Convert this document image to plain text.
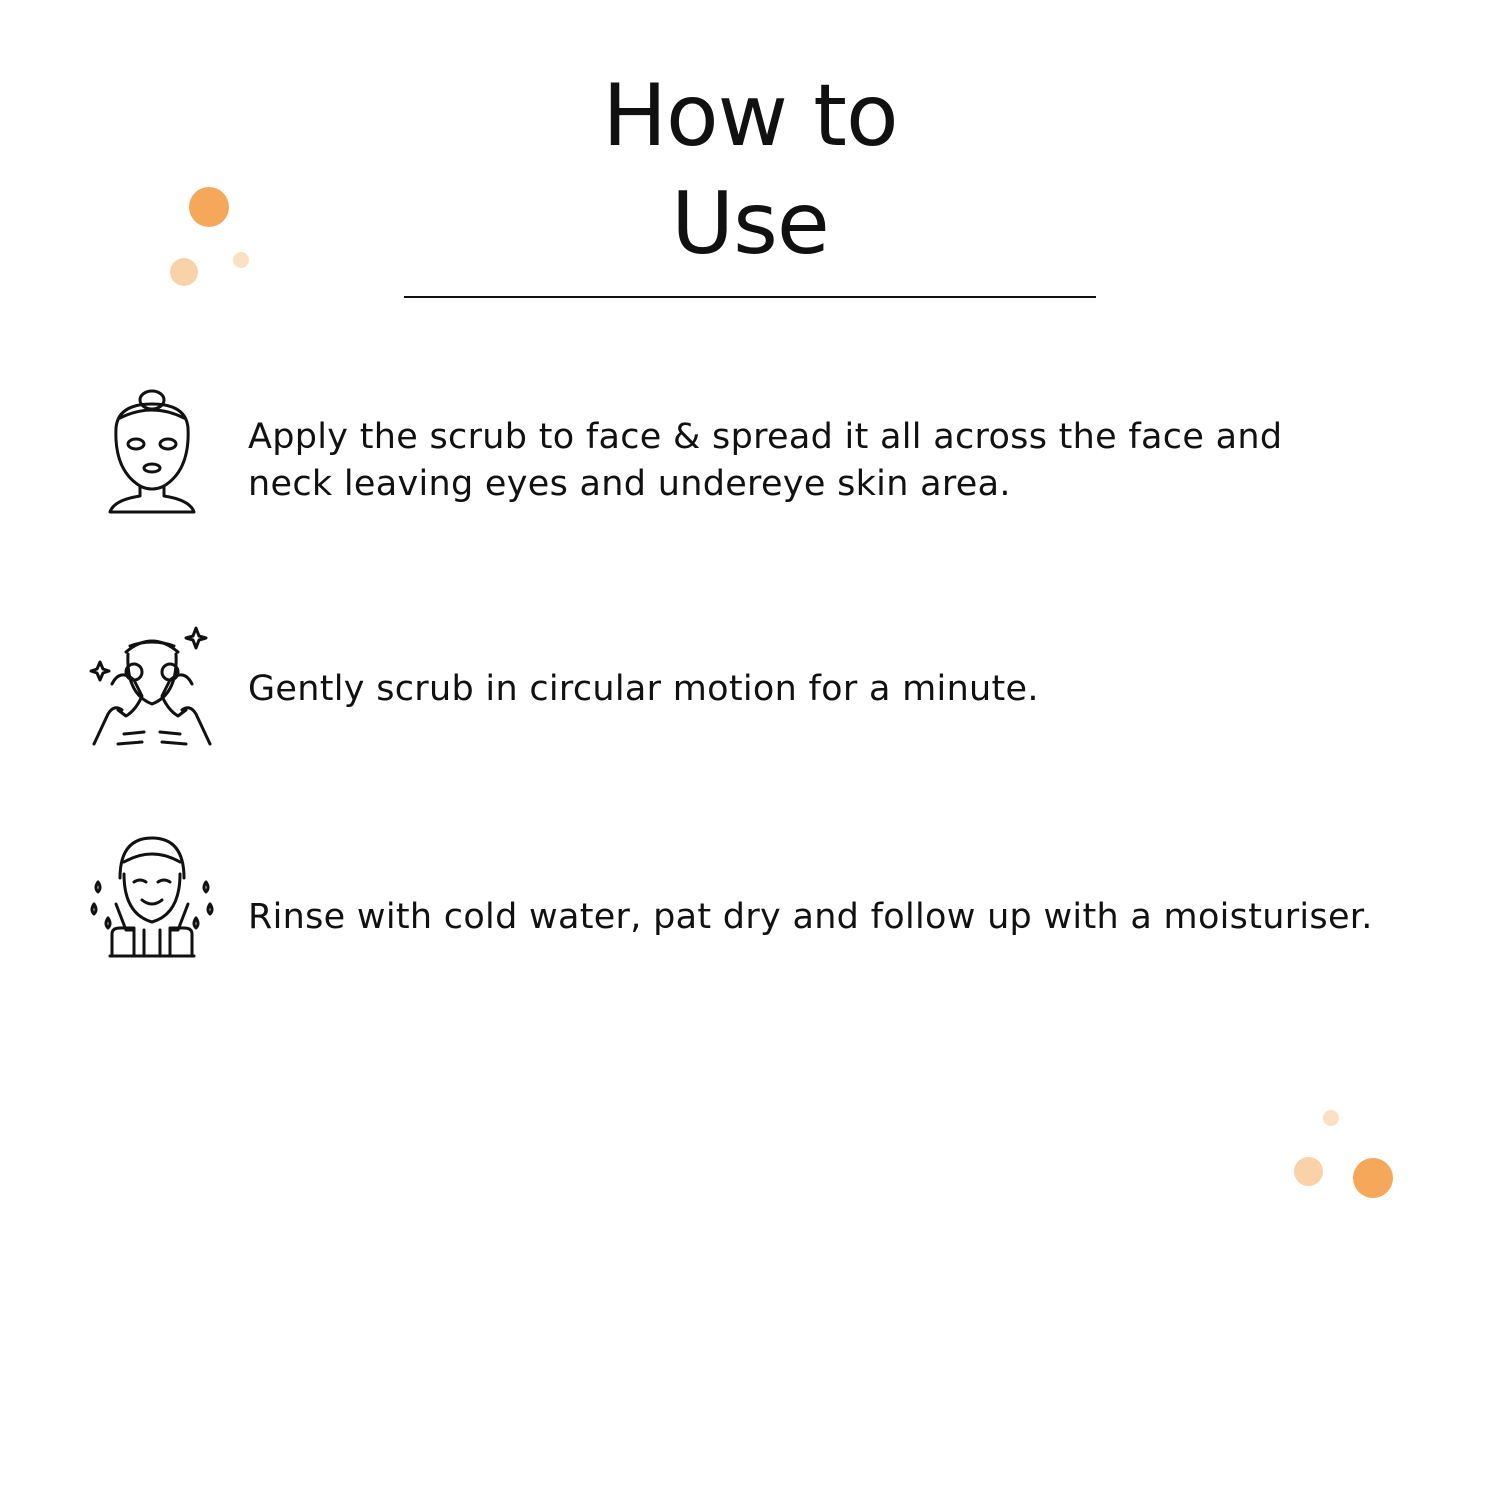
How to
Use
Apply the scrub to face & spread it all across the face and
neck leaving eyes and undereye skin area.
Gently scrub in circular motion for a minute.
Rinse with cold water, pat dry and follow up with a moisturiser.
